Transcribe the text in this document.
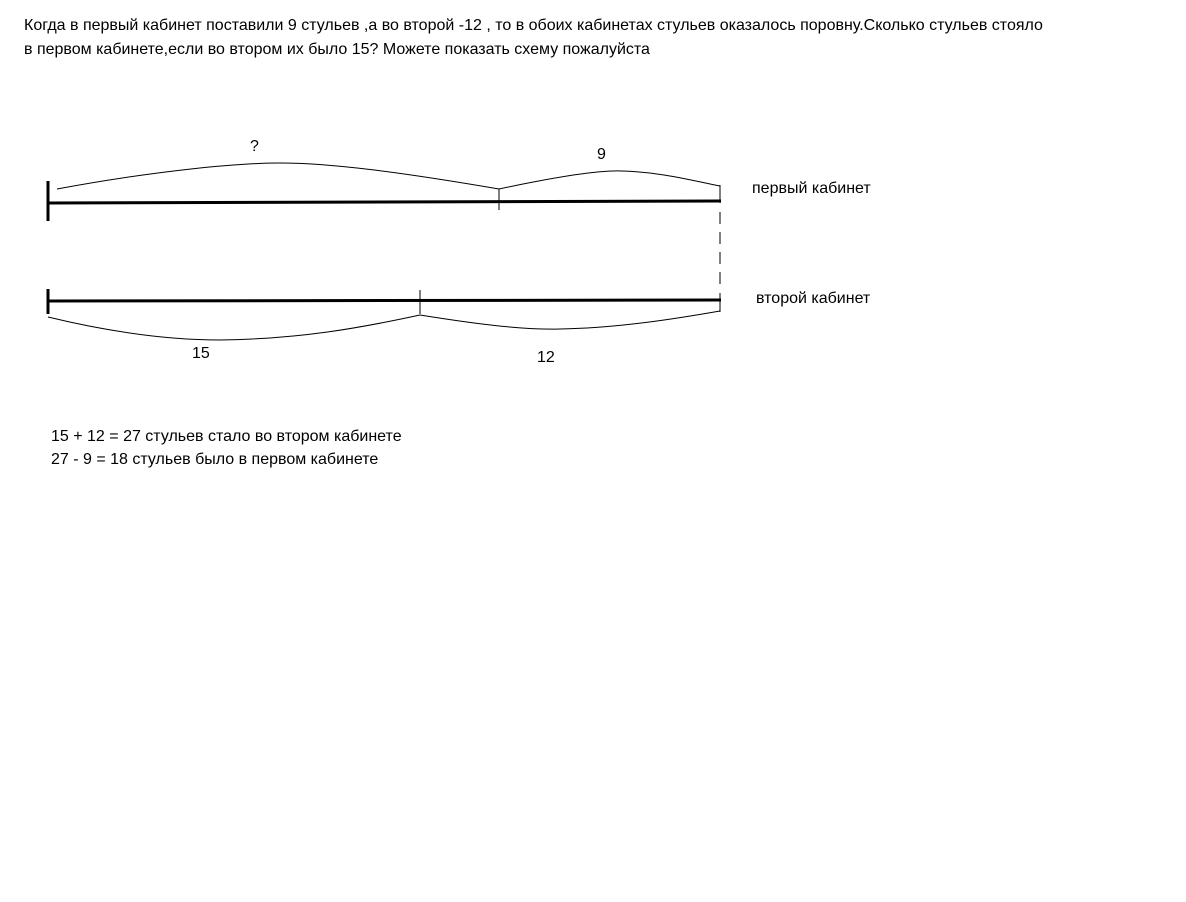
Когда в первый кабинет поставили 9 стульев ,а во второй -12 , то в обоих кабинетах стульев оказалось поровну.Сколько стульев стояло
в первом кабинете,если во втором их было 15? Можете показать схему пожалуйста

?	9
первый кабинет
15	12
второй кабинет

15 + 12 = 27 стульев стало во втором кабинете
27 - 9 = 18 стульев было в первом кабинете
